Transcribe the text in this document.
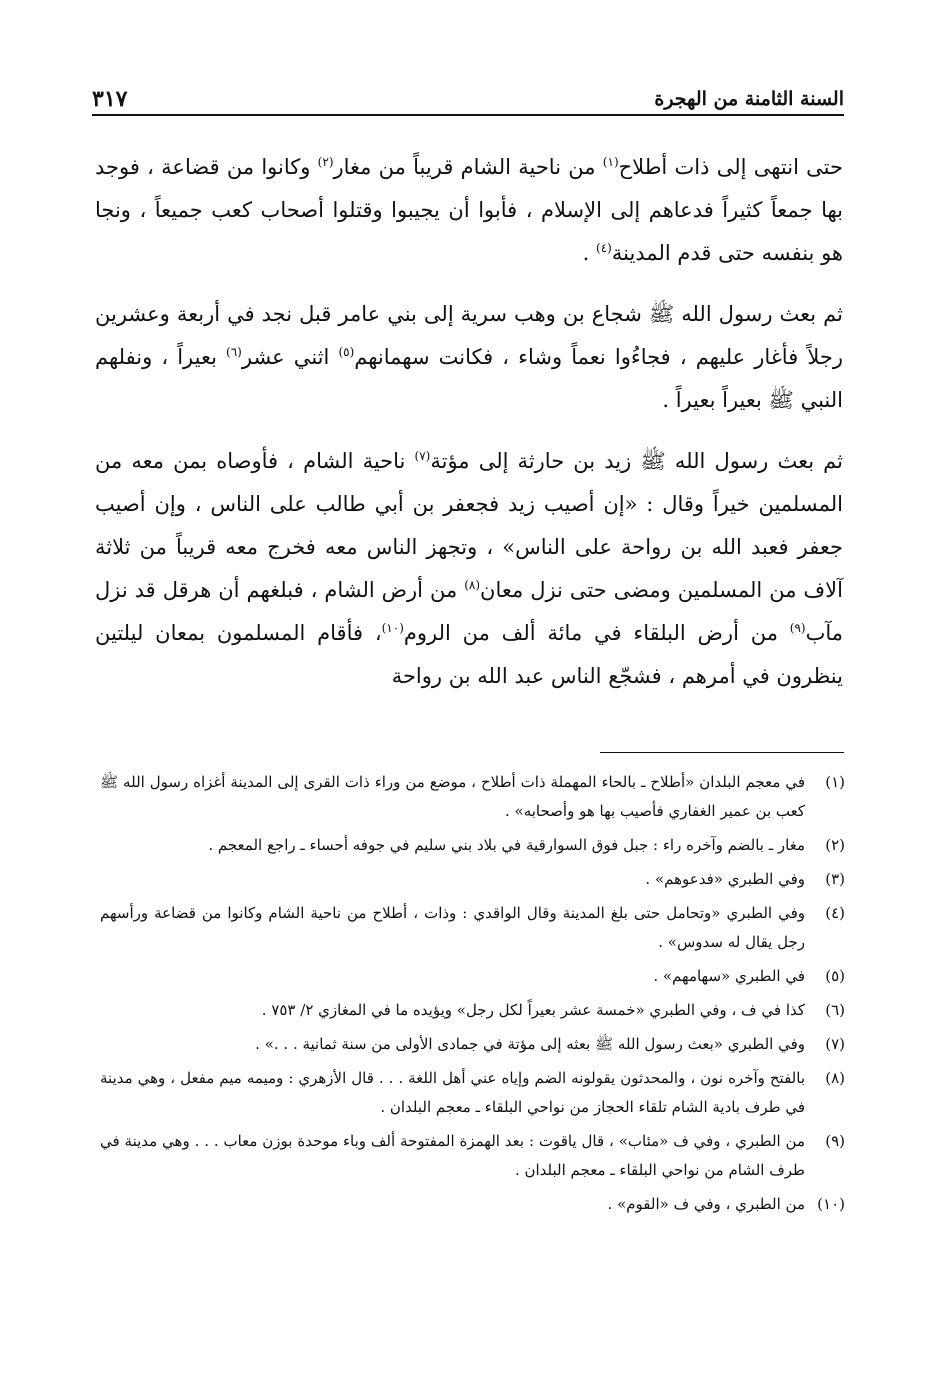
السنة الثامنة من الهجرة
٣١٧

حتى انتهى إلى ذات أطلاح$^{(١)}$ من ناحية الشام قريباً من مغار$^{(٢)}$ وكانوا من قضاعة ، فوجد بها جمعاً كثيراً فدعاهم إلى الإسلام ، فأبوا أن يجيبوا وقتلوا أصحاب كعب جميعاً ، ونجا هو بنفسه حتى قدم المدينة$^{(٤)}$ .

ثم بعث رسول الله ﷺ شجاع بن وهب سرية إلى بني عامر قبل نجد في أربعة وعشرين رجلاً فأغار عليهم ، فجاءُوا نعماً وشاء ، فكانت سهمانهم$^{(٥)}$ اثني عشر$^{(٦)}$ بعيراً ، ونفلهم النبي ﷺ بعيراً بعيراً .

ثم بعث رسول الله ﷺ زيد بن حارثة إلى مؤتة$^{(٧)}$ ناحية الشام ، فأوصاه بمن معه من المسلمين خيراً وقال : «إن أصيب زيد فجعفر بن أبي طالب على الناس ، وإن أصيب جعفر فعبد الله بن رواحة على الناس» ، وتجهز الناس معه فخرج معه قريباً من ثلاثة آلاف من المسلمين ومضى حتى نزل معان$^{(٨)}$ من أرض الشام ، فبلغهم أن هرقل قد نزل مآب$^{(٩)}$ من أرض البلقاء في مائة ألف من الروم$^{(١٠)}$، فأقام المسلمون بمعان ليلتين ينظرون في أمرهم ، فشجّع الناس عبد الله بن رواحة

(١)في معجم البلدان «أطلاح ـ بالحاء المهملة ذات أطلاح ، موضع من وراء ذات القرى إلى المدينة أغزاه رسول الله ﷺ كعب بن عمير الغفاري فأصيب بها هو وأصحابه» .

(٢)مغار ـ بالضم وآخره راء : جبل فوق السوارقية في بلاد بني سليم في جوفه أحساء ـ راجع المعجم .

(٣)وفي الطبري «فدعوهم» .

(٤)وفي الطبري «وتحامل حتى بلغ المدينة وقال الواقدي : وذات ، أطلاح من ناحية الشام وكانوا من قضاعة ورأسهم رجل يقال له سدوس» .

(٥)في الطبري «سهامهم» .

(٦)كذا في ف ، وفي الطبري «خمسة عشر بعيراً لكل رجل» ويؤيده ما في المغازي ٢/ ٧٥٣ .

(٧)وفي الطبري «بعث رسول الله ﷺ بعثه إلى مؤتة في جمادى الأولى من سنة ثمانية . . .» .

(٨)بالفتح وآخره نون ، والمحدثون يقولونه الضم وإياه عني أهل اللغة . . . قال الأزهري : وميمه ميم مفعل ، وهي مدينة في طرف بادية الشام تلقاء الحجاز من نواحي البلقاء ـ معجم البلدان .

(٩)من الطبري ، وفي ف «مئاب» ، قال ياقوت : بعد الهمزة المفتوحة ألف وباء موحدة بوزن معاب . . . وهي مدينة في طرف الشام من نواحي البلقاء ـ معجم البلدان .

(١٠)من الطبري ، وفي ف «القوم» .
